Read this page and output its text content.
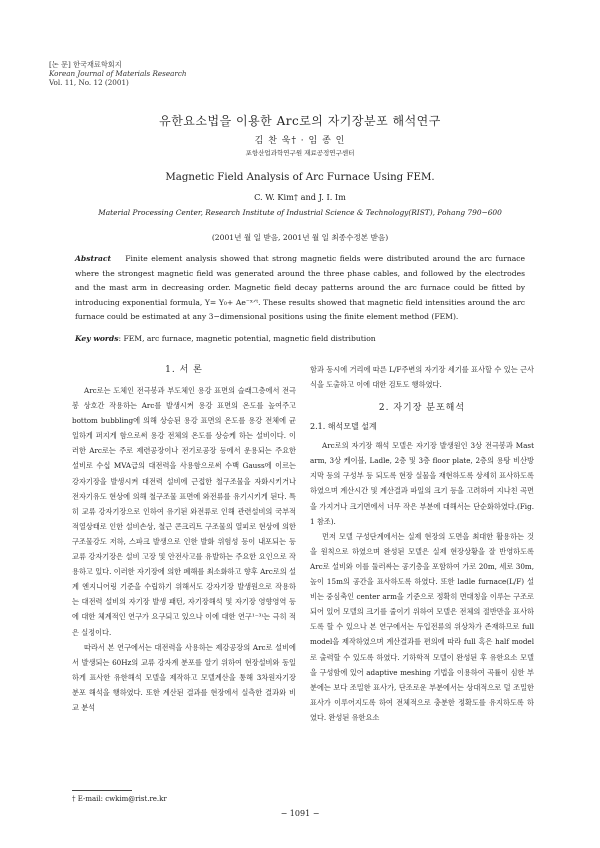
[논 문] 한국재료학회지
Korean Journal of Materials Research
Vol. 11, No. 12 (2001)
유한요소법을 이용한 Arc로의 자기장분포 해석연구
김 찬 욱† · 임 종 인
포항산업과학연구원 재료공정연구센터
Magnetic Field Analysis of Arc Furnace Using FEM.
C. W. Kim† and J. I. Im
Material Processing Center, Research Institute of Industrial Science & Technology(RIST), Pohang 790−600
(2001년 월 일 받음, 2001년 월 일 최종수정본 받음)
Abstract Finite element analysis showed that strong magnetic fields were distributed around the arc furnace where the strongest magnetic field was generated around the three phase cables, and followed by the electrodes and the mast arm in decreasing order. Magnetic field decay patterns around the arc furnace could be fitted by introducing exponential formula, Y= Y₀+ Ae⁻ˣᐟᵗ. These results showed that magnetic field intensities around the arc furnace could be estimated at any 3−dimensional positions using the finite element method (FEM).
Key words: FEM, arc furnace, magnetic potential, magnetic field distribution
1. 서 론

Arc로는 도체인 전극봉과 부도체인 용강 표면의 슬래그층에서 전극봉 상호간 작용하는 Arc를 발생시켜 용강 표면의 온도를 높여주고 bottom bubbling에 의해 상승된 용강 표면의 온도를 용강 전체에 균일하게 퍼지게 함으로써 용강 전체의 온도를 상승케 하는 설비이다. 이러한 Arc로는 주로 제련공장이나 전기로공장 등에서 운용되는 주요한 설비로 수십 MVA급의 대전력을 사용함으로써 수백 Gauss에 이르는 강자기장을 발생시켜 대전력 설비에 근접한 철구조물을 자화시키거나 전자기유도 현상에 의해 철구조물 표면에 와전류를 유기시키게 된다. 특히 교류 강자기장으로 인하여 유기된 와전류로 인해 관련설비의 국부적 적열상태로 인한 설비손상, 철근 콘크리트 구조물의 열피로 현상에 의한 구조물강도 저하, 스파크 발생으로 인한 발화 위험성 등이 내포되는 등 교류 강자기장은 설비 고장 및 안전사고를 유발하는 주요한 요인으로 작용하고 있다. 이러한 자기장에 의한 폐해를 최소화하고 향후 Arc로의 설계 엔지니어링 기준을 수립하기 위해서도 강자기장 발생원으로 작용하는 대전력 설비의 자기장 발생 패턴, 자기장해석 및 자기장 영향영역 등에 대한 체계적인 연구가 요구되고 있으나 이에 대한 연구¹⁻³⁾는 극히 적은 실정이다.

따라서 본 연구에서는 대전력을 사용하는 제강공장의 Arc로 설비에서 발생되는 60Hz의 교류 강자계 분포를 알기 위하여 현장설비와 동일하게 표사한 유한해석 모델을 제작하고 모델계산을 통해 3차원자기장 분포 해석을 행하였다. 또한 계산된 결과를 현장에서 실측한 결과와 비교 분석

함과 동시에 거리에 따른 L/F주변의 자기장 세기를 표사할 수 있는 근사식을 도출하고 이에 대한 검토도 행하였다.

2. 자기장 분포해석
2.1. 해석모델 설계

Arc로의 자기장 해석 모델은 자기장 발생원인 3상 전극봉과 Mast arm, 3상 케이블, Ladle, 2층 및 3층 floor plate, 2층의 용탕 비산방지막 등의 구성부 등 되도록 현장 실물을 재현하도록 상세히 표사하도록 하였으며 계산시간 및 계산결과 파일의 크기 등을 고려하여 지나친 곡면을 가지거나 크기면에서 너무 작은 부분에 대해서는 단순화하였다.(Fig. 1 참조).

먼저 모델 구성단계에서는 실제 현장의 도면을 최대한 활용하는 것을 원칙으로 하였으며 완성된 모델은 실제 현장상황을 잘 반영하도록 Arc로 설비와 이를 둘러싸는 공기층을 포함하여 가로 20m, 세로 30m, 높이 15m의 공간을 표사하도록 하였다. 또한 ladle furnace(L/F) 설비는 중심축인 center arm을 기준으로 정확히 면대칭을 이루는 구조로 되어 있어 모델의 크기를 줄이기 위하여 모델은 전체의 절반만을 표사하도록 할 수 있으나 본 연구에서는 두입전류의 위상차가 존재하므로 full model을 제작하였으며 계산결과를 편의에 따라 full 혹은 half model로 출력할 수 있도록 하였다. 기하학적 모델이 완성된 후 유한요소 모델을 구성함에 있어 adaptive meshing 기법을 이용하여 곡률이 심한 부분에는 보다 조밀한 표사가, 단조로운 부분에서는 상대적으로 덜 조밀한 표사가 이루어지도록 하여 전체적으로 충분한 정확도를 유지하도록 하였다. 완성된 유한요소

† E-mail: cwkim@rist.re.kr
− 1091 −
